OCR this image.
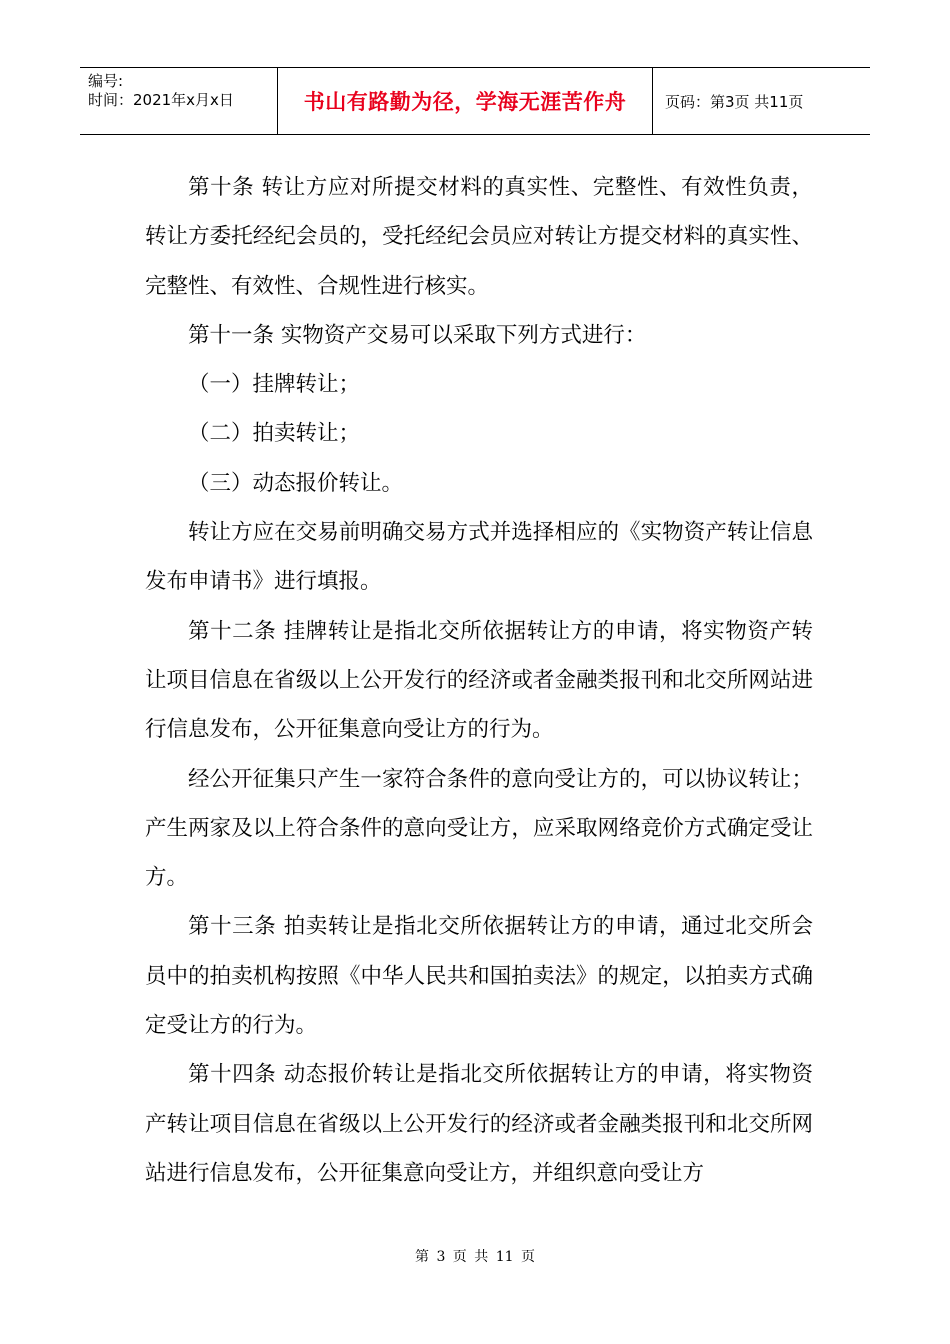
编号:
时间：2021年x月x日	书山有路勤为径，学海无涯苦作舟	页码：第3页 共11页

第十条 转让方应对所提交材料的真实性、完整性、有效性负责，转让方委托经纪会员的，受托经纪会员应对转让方提交材料的真实性、完整性、有效性、合规性进行核实。

第十一条 实物资产交易可以采取下列方式进行：

（一）挂牌转让；

（二）拍卖转让；

（三）动态报价转让。

转让方应在交易前明确交易方式并选择相应的《实物资产转让信息发布申请书》进行填报。

第十二条 挂牌转让是指北交所依据转让方的申请，将实物资产转让项目信息在省级以上公开发行的经济或者金融类报刊和北交所网站进行信息发布，公开征集意向受让方的行为。

经公开征集只产生一家符合条件的意向受让方的，可以协议转让；产生两家及以上符合条件的意向受让方，应采取网络竞价方式确定受让方。

第十三条 拍卖转让是指北交所依据转让方的申请，通过北交所会员中的拍卖机构按照《中华人民共和国拍卖法》的规定，以拍卖方式确定受让方的行为。

第十四条 动态报价转让是指北交所依据转让方的申请，将实物资产转让项目信息在省级以上公开发行的经济或者金融类报刊和北交所网站进行信息发布，公开征集意向受让方，并组织意向受让方

第 3 页 共 11 页
